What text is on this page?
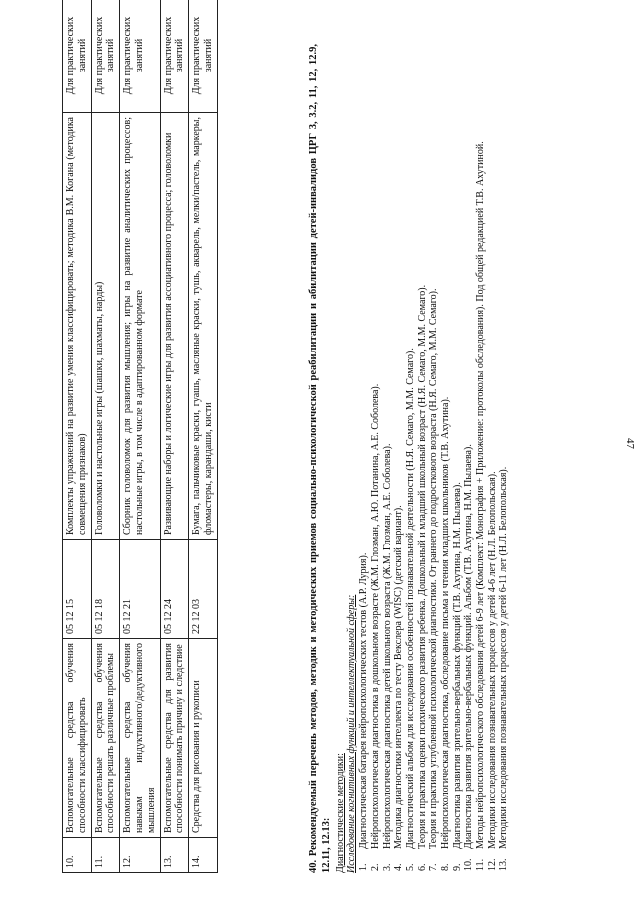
47
10.	Вспомогательные средства обучения способности классифицировать	05 12 15	Комплекты упражнений на развитие умения классифицировать; методика В.М. Когана (методика совмещения признаков)	Для практических занятий
11.	Вспомогательные средства обучения способности решать различные проблемы	05 12 18	Головоломки и настольные игры (шашки, шахматы, нарды)	Для практических занятий
12.	Вспомогательные средства обучения навыкам индуктивного/дедуктивного мышления	05 12 21	Сборник головоломок для развития мышления; игры на развитие аналитических процессов; настольные игры, в том числе в адаптированном формате	Для практических занятий
13.	Вспомогательные средства для развития способности понимать причину и следствие	05 12 24	Развивающие наборы и логические игры для развития ассоциативного процесса; головоломки	Для практических занятий
14.	Средства для рисования и рукописи	22 12 03	Бумага, пальчиковые краски, гуашь, масляные краски, тушь, акварель, мелки/пастель, маркеры, фломастеры, карандаши, кисти	Для практических занятий	40. Рекомендуемый перечень методов, методик и методических приемов социально-психологической реабилитации и абилитации детей-инвалидов ЦРГ 3, 3.2, 11, 12, 12.9, 12.11, 12.13: Диагностические методики: Исследование когнитивных функций и интеллектуальной сферы: 1.
Диагностическая батарея нейропсихологических тестов (А.Р. Лурия).
2.
Нейропсихологическая диагностика в дошкольном возрасте (Ж.М. Глозман, А.Ю. Потанина, А.Е. Соболева).
3.
Нейропсихологическая диагностика детей школьного возраста (Ж.М. Глозман, А.Е. Соболева).
4.
Методика диагностики интеллекта по тесту Векслера (WISC) (детский вариант).
5.
Диагностический альбом для исследования особенностей познавательной деятельности (Н.Я. Семаго, М.М. Семаго).
6.
Теория и практика оценки психического развития ребенка. Дошкольный и младший школьный возраст (Н.Я. Семаго, М.М. Семаго).
7.
Теория и практика углубленной психологической диагностики. От раннего до подросткового возраста (Н.Я. Семаго, М.М. Семаго).
8.
Нейропсихологическая диагностика, обследование письма и чтения младших школьников (Т.В. Ахутина).
9.
Диагностика развития зрительно-вербальных функций (Т.В. Ахутина, Н.М. Пылаева).
10.
Диагностика развития зрительно-вербальных функций. Альбом (Т.В. Ахутина, Н.М. Пылаева).
11.
Методы нейропсихологического обследования детей 6-9 лет (Комплект: Монография + Приложение: протоколы обследования). Под общей редакцией Т.В. Ахутиной.
12.
Методики исследования познавательных процессов у детей 4-6 лет (Н.Л. Белопольская).
13.
Методики исследования познавательных процессов у детей 6-11 лет (Н.Л. Белопольская).
